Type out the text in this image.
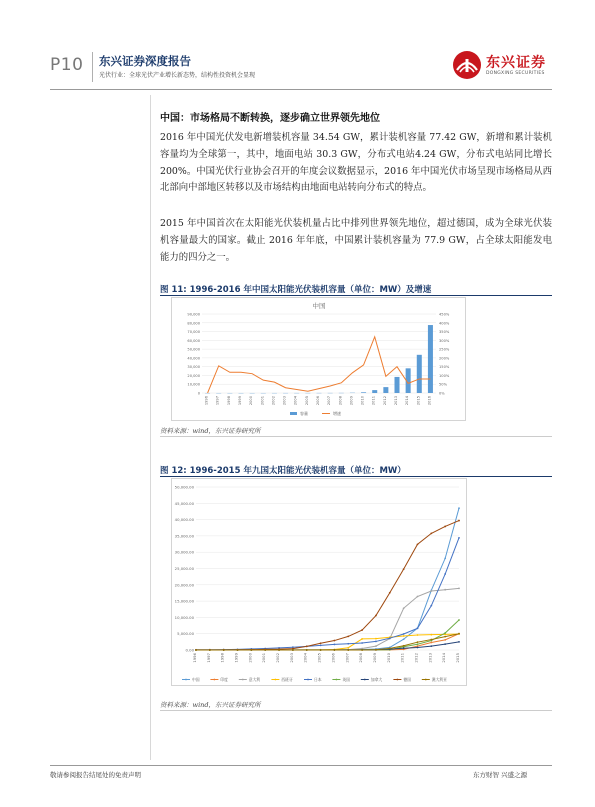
P10 东兴证券深度报告
光伏行业：全球光伏产业增长新态势，结构性投资机会显现
东兴证券
DONGXING SECURITIES
中国：市场格局不断转换，逐步确立世界领先地位
2016 年中国光伏发电新增装机容量 34.54 GW，累计装机容量 77.42 GW，新增和累计装机容量均为全球第一，其中，地面电站 30.3 GW，分布式电站4.24 GW，分布式电站同比增长 200%。中国光伏行业协会召开的年度会议数据显示，2016 年中国光伏市场呈现市场格局从西北部向中部地区转移以及市场结构由地面电站转向分布式的特点。
2015 年中国首次在太阳能光伏装机量占比中排列世界领先地位，超过德国，成为全球光伏装机容量最大的国家。截止 2016 年年底，中国累计装机容量为 77.9 GW，占全球太阳能发电能力的四分之一。
图 11: 1996-2016 年中国太阳能光伏装机容量（单位：MW）及增速
中国
0
10,000
20,000
30,000
40,000
50,000
60,000
70,000
80,000
90,000
0%
50%
100%
150%
200%
250%
300%
350%
400%
450%
1996 1997 1998 1999 2000 2001 2002 2003 2004 2005 2006 2007 2008 2009 2010 2011 2012 2013 2014 2015 2016
容量	增速
资料来源：wind，东兴证券研究所
图 12: 1996-2015 年九国太阳能光伏装机容量（单位：MW）
0.00
5,000.00
10,000.00
15,000.00
20,000.00
25,000.00
30,000.00
35,000.00
40,000.00
45,000.00
50,000.00
1996 1997 1998 1999 2000 2001 2002 2003 2004 2005 2006 2007 2008 2009 2010 2011 2012 2013 2014 2015
中国	印度	意大利	西班牙	日本	英国	加拿大	德国	澳大利亚
资料来源：wind，东兴证券研究所
敬请参阅报告结尾处的免责声明	东方财智 兴盛之源
